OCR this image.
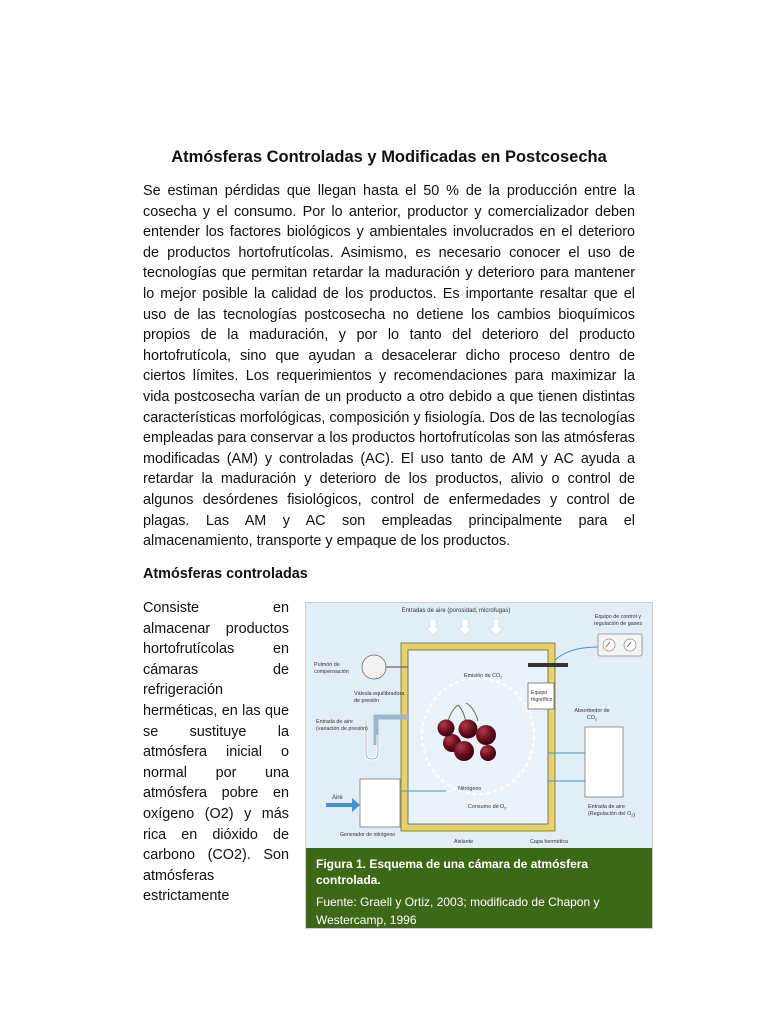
Atmósferas Controladas y Modificadas en Postcosecha

Se estiman pérdidas que llegan hasta el 50 % de la producción entre la cosecha y el consumo. Por lo anterior, productor y comercializador deben entender los factores biológicos y ambientales involucrados en el deterioro de productos hortofrutícolas. Asimismo, es necesario conocer el uso de tecnologías que permitan retardar la maduración y deterioro para mantener lo mejor posible la calidad de los productos. Es importante resaltar que el uso de las tecnologías postcosecha no detiene los cambios bioquímicos propios de la maduración, y por lo tanto del deterioro del producto hortofrutícola, sino que ayudan a desacelerar dicho proceso dentro de ciertos límites. Los requerimientos y recomendaciones para maximizar la vida postcosecha varían de un producto a otro debido a que tienen distintas características morfológicas, composición y fisiología. Dos de las tecnologías empleadas para conservar a los productos hortofrutícolas son las atmósferas modificadas (AM) y controladas (AC). El uso tanto de AM y AC ayuda a retardar la maduración y deterioro de los productos, alivio o control de algunos desórdenes fisiológicos, control de enfermedades y control de plagas. Las AM y AC son empleadas principalmente para el almacenamiento, transporte y empaque de los productos.

Atmósferas controladas

Consiste en almacenar productos hortofrutícolas en cámaras de refrigeración herméticas, en las que se sustituye la atmósfera inicial o normal por una atmósfera pobre en oxígeno (O2) y más rica en dióxido de carbono (CO2). Son atmósferas estrictamente

Entradas de aire (porosidad, microfugas)
Equipo de control y
regulación de gases
Pulmón de
compensación
Válvula equilibradora
de presión
Entrada de aire
(variación de presión)
Emisión de $CO_2$
Equipo
frigorífico
Absorbedor de
$CO_2$
Nitrógeno
Consumo de $O_2$	Entrada de aire
(Regulación del $O_2$)
Aire
Generador de nitrógeno
Aislante	Capa hermética
Figura 1. Esquema de una cámara de atmósfera controlada.
Fuente: Graell y Ortiz, 2003; modificado de Chapon y Westercamp, 1996
